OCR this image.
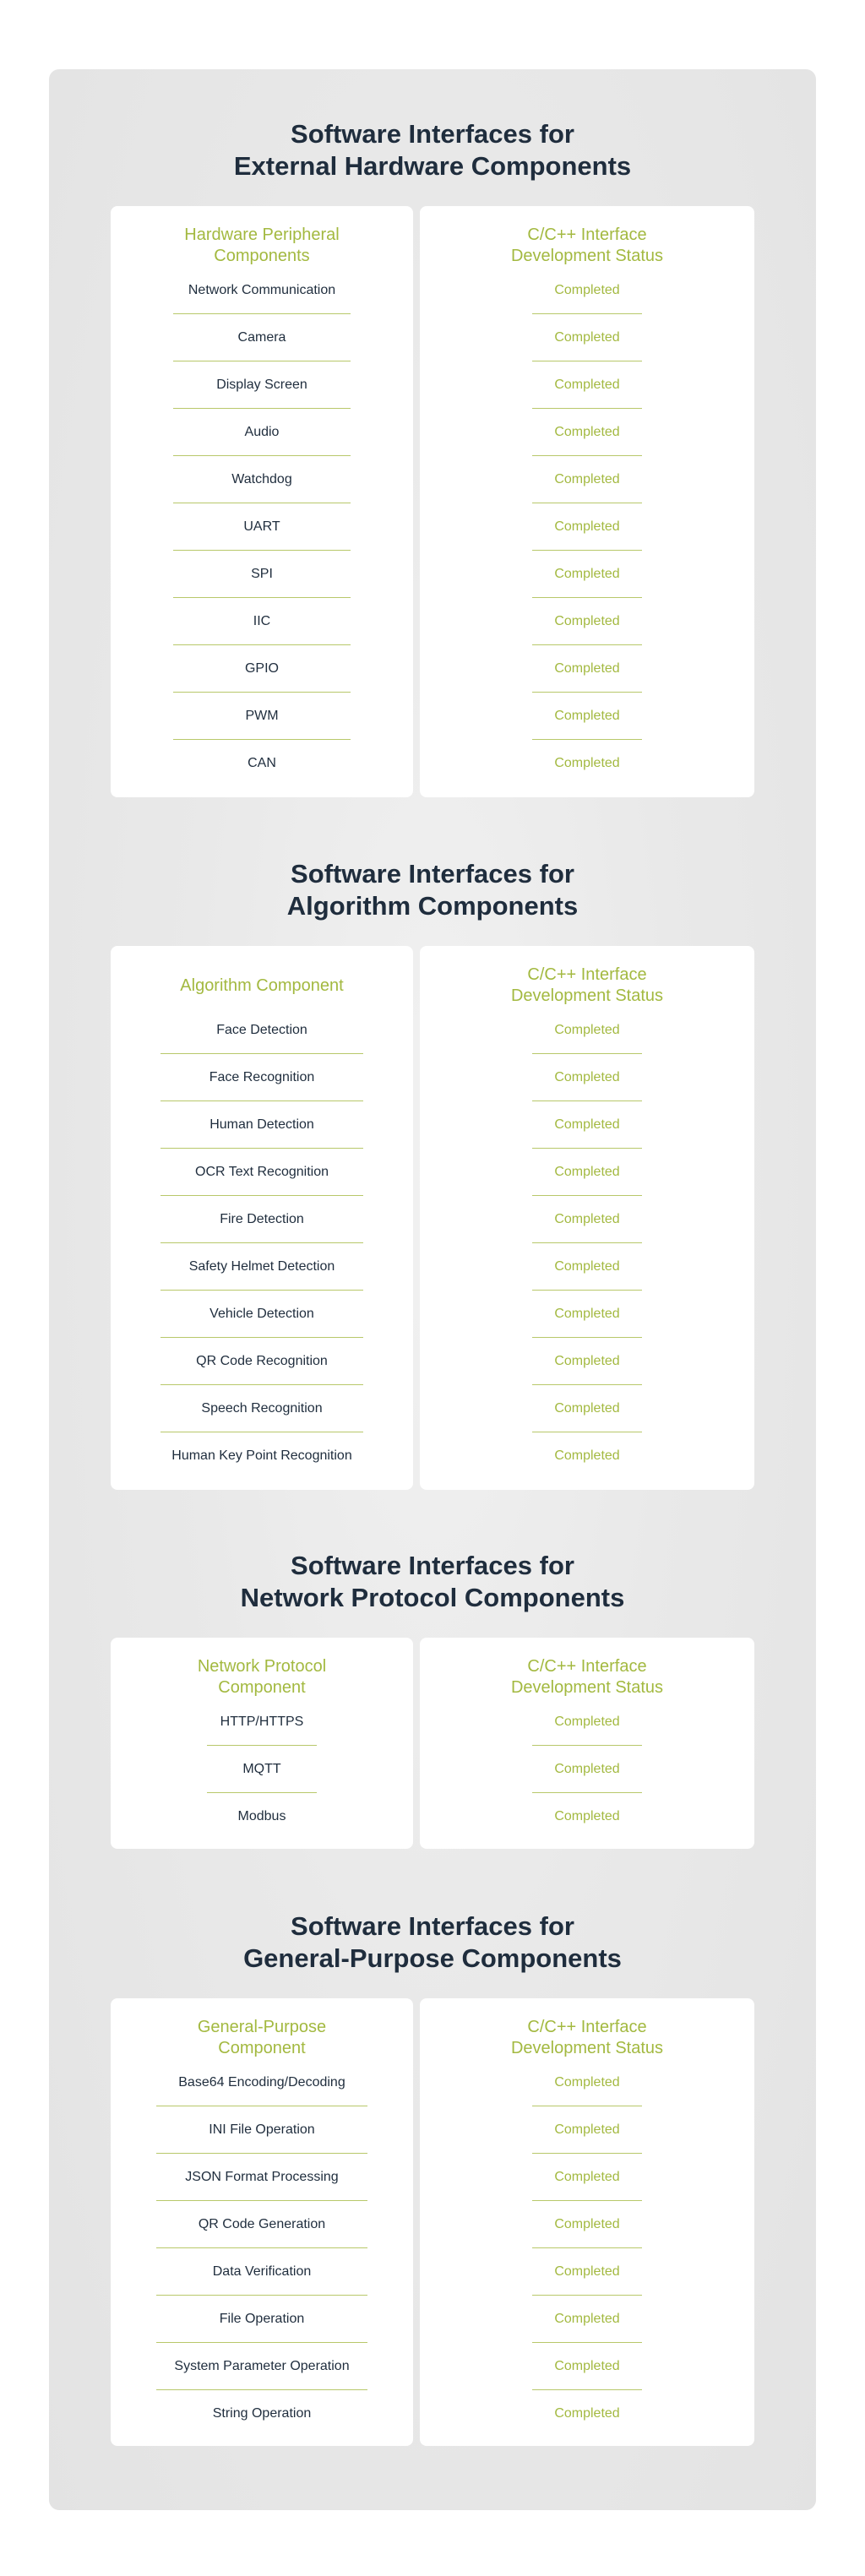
Software Interfaces for
External Hardware Components
Hardware Peripheral
Components
Network Communication
Camera
Display Screen
Audio
Watchdog
UART
SPI
IIC
GPIO
PWM
CAN
C/C++ Interface
Development Status
Completed
Completed
Completed
Completed
Completed
Completed
Completed
Completed
Completed
Completed
Completed
Software Interfaces for
Algorithm Components
Algorithm Component
Face Detection
Face Recognition
Human Detection
OCR Text Recognition
Fire Detection
Safety Helmet Detection
Vehicle Detection
QR Code Recognition
Speech Recognition
Human Key Point Recognition
C/C++ Interface
Development Status
Completed
Completed
Completed
Completed
Completed
Completed
Completed
Completed
Completed
Completed
Software Interfaces for
Network Protocol Components
Network Protocol
Component
HTTP/HTTPS
MQTT
Modbus
C/C++ Interface
Development Status
Completed
Completed
Completed
Software Interfaces for
General-Purpose Components
General-Purpose
Component
Base64 Encoding/Decoding
INI File Operation
JSON Format Processing
QR Code Generation
Data Verification
File Operation
System Parameter Operation
String Operation
C/C++ Interface
Development Status
Completed
Completed
Completed
Completed
Completed
Completed
Completed
Completed
